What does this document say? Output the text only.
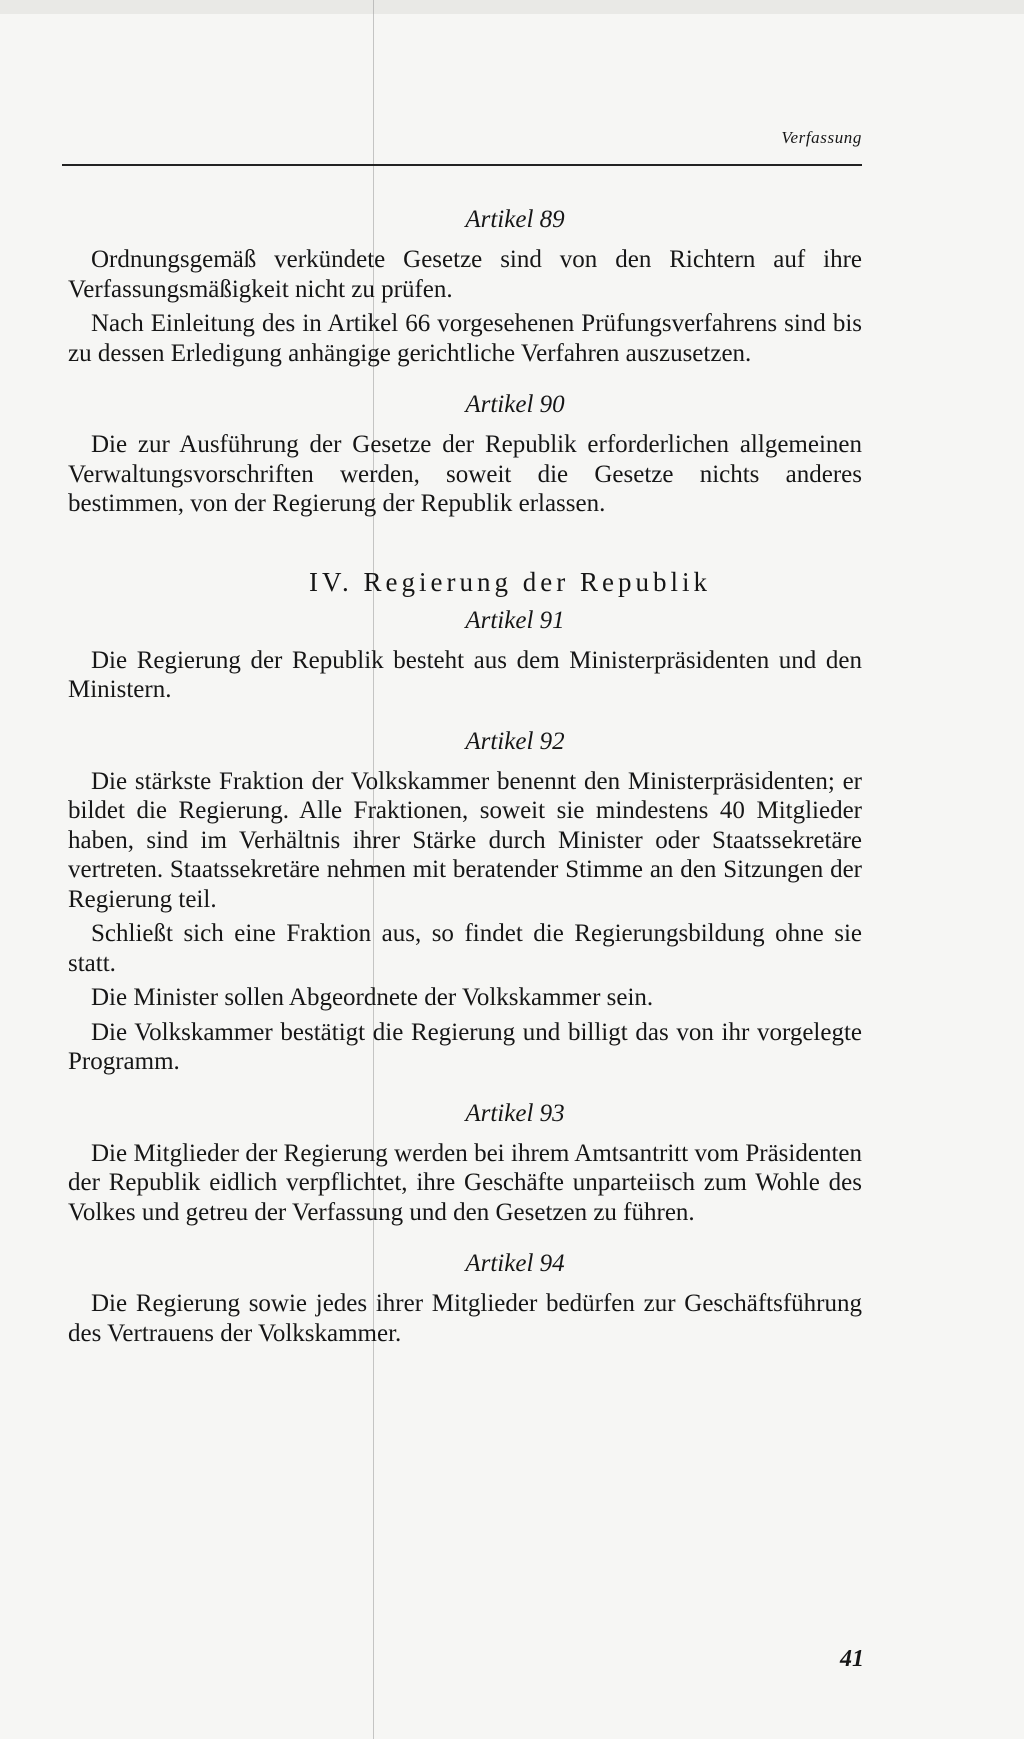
Verfassung
Artikel 89

Ordnungsgemäß verkündete Gesetze sind von den Richtern auf ihre Verfassungsmäßigkeit nicht zu prüfen.

Nach Einleitung des in Artikel 66 vorgesehenen Prüfungsverfahrens sind bis zu dessen Erledigung anhängige gerichtliche Verfahren auszusetzen.

Artikel 90

Die zur Ausführung der Gesetze der Republik erforderlichen allgemeinen Verwaltungsvorschriften werden, soweit die Gesetze nichts anderes bestimmen, von der Regierung der Republik erlassen.

IV. Regierung der Republik
Artikel 91

Die Regierung der Republik besteht aus dem Ministerpräsidenten und den Ministern.

Artikel 92

Die stärkste Fraktion der Volkskammer benennt den Ministerpräsidenten; er bildet die Regierung. Alle Fraktionen, soweit sie mindestens 40 Mitglieder haben, sind im Verhältnis ihrer Stärke durch Minister oder Staatssekretäre vertreten. Staatssekretäre nehmen mit beratender Stimme an den Sitzungen der Regierung teil.

Schließt sich eine Fraktion aus, so findet die Regierungsbildung ohne sie statt.

Die Minister sollen Abgeordnete der Volkskammer sein.

Die Volkskammer bestätigt die Regierung und billigt das von ihr vorgelegte Programm.

Artikel 93

Die Mitglieder der Regierung werden bei ihrem Amtsantritt vom Präsidenten der Republik eidlich verpflichtet, ihre Geschäfte unparteiisch zum Wohle des Volkes und getreu der Verfassung und den Gesetzen zu führen.

Artikel 94

Die Regierung sowie jedes ihrer Mitglieder bedürfen zur Geschäftsführung des Vertrauens der Volkskammer.

41
